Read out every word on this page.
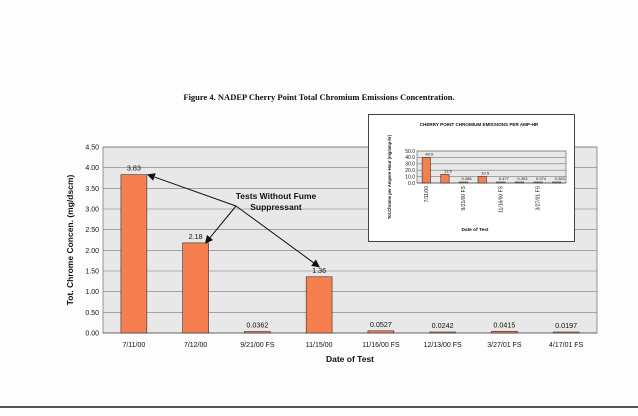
Figure 4. NADEP Cherry Point Total Chromium Emissions Concentration.
0.00
0.50
1.00
1.50
2.00
2.50
3.00
3.50
4.00
4.50
3.83
2.18
0.0362
1.36
0.0527	0.0242	0.0415	0.0197
7/11/00	7/12/00	9/21/00 FS	11/15/00	11/16/00 FS	12/13/00 FS	3/27/01 FS	4/17/01 FS
Tot. Chrome Concen. (mg/dscm)
Date of Test
Tests Without Fume
Suppressant
CHERRY POINT CHROMIUM EMISSIONS PER AMP-HR
0.0
10.0
20.0
30.0
40.0
50.0	40.0
13.5
0.286
10.5
0.477 0.303 0.374 0.263
7/11/00	9/21/00 FS	11/16/00 FS	3/27/01 FS
Tot.Chrome per Ampere-Hour (mg/amp-hr)
Date of Test
